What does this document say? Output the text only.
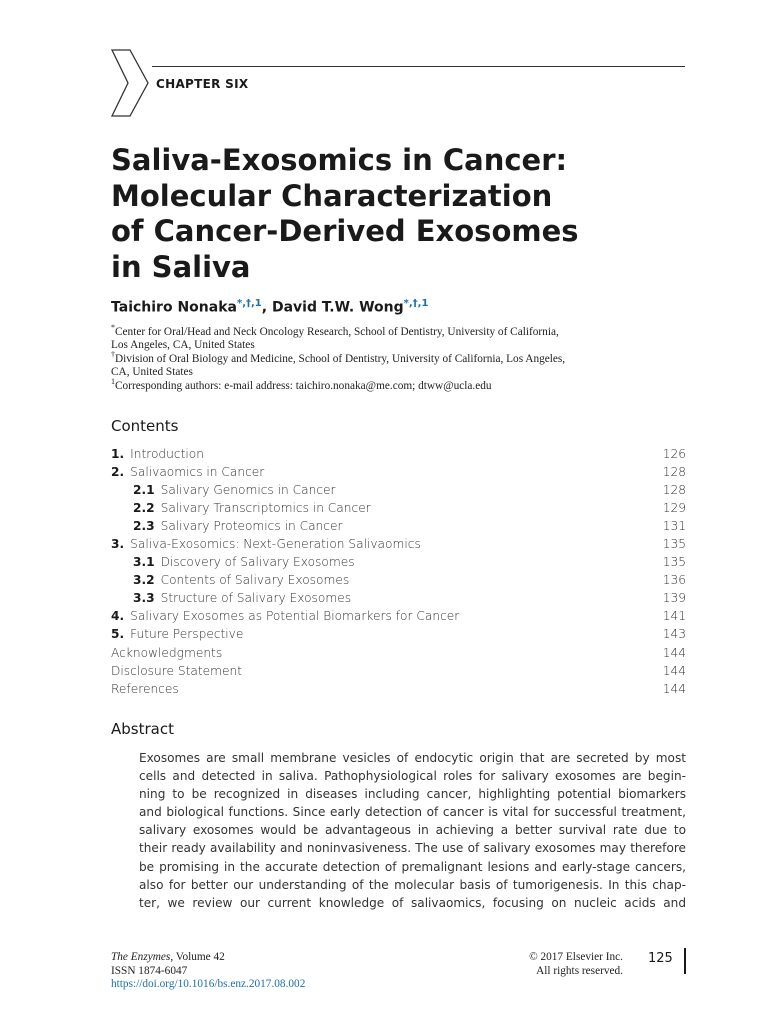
CHAPTER SIX
Saliva-Exosomics in Cancer:
Molecular Characterization
of Cancer-Derived Exosomes
in Saliva
Taichiro Nonaka$^{*,\dagger,1}$, David T.W. Wong$^{*,\dagger,1}$
*Center for Oral/Head and Neck Oncology Research, School of Dentistry, University of California,
Los Angeles, CA, United States
†Division of Oral Biology and Medicine, School of Dentistry, University of California, Los Angeles,
CA, United States
$^1$Corresponding authors: e-mail address: taichiro.nonaka@me.com; dtww@ucla.edu
Contents
1. Introduction	126
2. Salivaomics in Cancer	128
2.1 Salivary Genomics in Cancer	128
2.2 Salivary Transcriptomics in Cancer	129
2.3 Salivary Proteomics in Cancer	131
3. Saliva-Exosomics: Next-Generation Salivaomics	135
3.1 Discovery of Salivary Exosomes	135
3.2 Contents of Salivary Exosomes	136
3.3 Structure of Salivary Exosomes	139
4. Salivary Exosomes as Potential Biomarkers for Cancer	141
5. Future Perspective	143
Acknowledgments	144
Disclosure Statement	144
References	144
Abstract
Exosomes are small membrane vesicles of endocytic origin that are secreted by most
cells and detected in saliva. Pathophysiological roles for salivary exosomes are begin-
ning to be recognized in diseases including cancer, highlighting potential biomarkers
and biological functions. Since early detection of cancer is vital for successful treatment,
salivary exosomes would be advantageous in achieving a better survival rate due to
their ready availability and noninvasiveness. The use of salivary exosomes may therefore
be promising in the accurate detection of premalignant lesions and early-stage cancers,
also for better our understanding of the molecular basis of tumorigenesis. In this chap-
ter, we review our current knowledge of salivaomics, focusing on nucleic acids and
The Enzymes, Volume 42
ISSN 1874-6047
https://doi.org/10.1016/bs.enz.2017.08.002
© 2017 Elsevier Inc.
All rights reserved.
125
